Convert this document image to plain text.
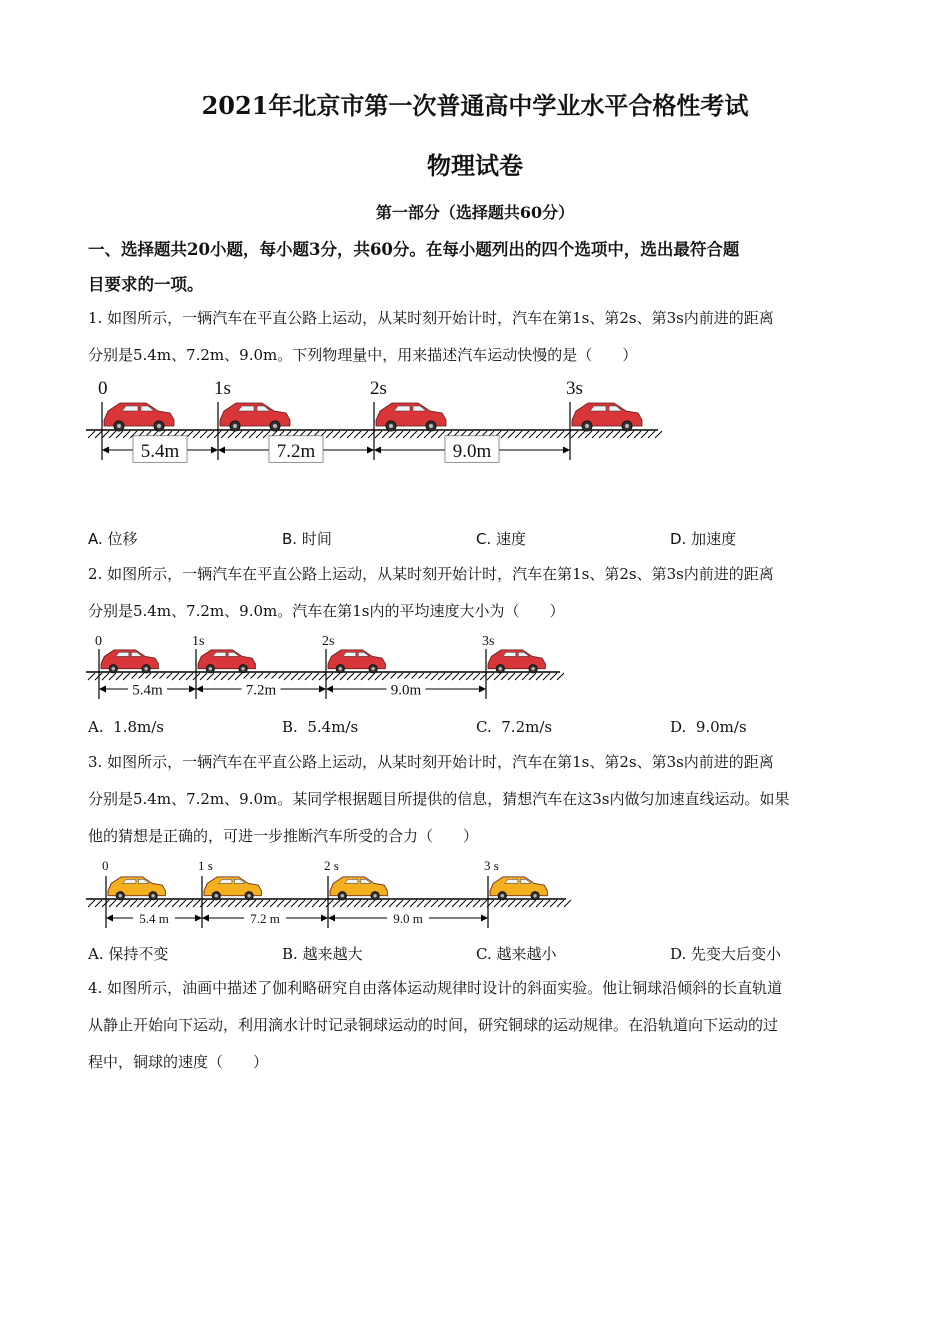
2021年北京市第一次普通高中学业水平合格性考试
物理试卷
第一部分（选择题共60分）
一、选择题共20小题，每小题3分，共60分。在每小题列出的四个选项中，选出最符合题
目要求的一项。
1. 如图所示，一辆汽车在平直公路上运动，从某时刻开始计时，汽车在第1s、第2s、第3s内前进的距离
分别是5.4m、7.2m、9.0m。下列物理量中，用来描述汽车运动快慢的是（　　）
0	1s	2s	3s
5.4m	7.2m	9.0m
0	1s	2s	3s
5.4m	7.2m	9.0m
0	1 s	2 s	3 s
5.4 m	7.2 m	9.0 m
A. 位移	B. 时间	C. 速度	D. 加速度
2. 如图所示，一辆汽车在平直公路上运动，从某时刻开始计时，汽车在第1s、第2s、第3s内前进的距离
分别是5.4m、7.2m、9.0m。汽车在第1s内的平均速度大小为（　　）
A. 1.8m/s	B. 5.4m/s	C. 7.2m/s	D. 9.0m/s
3. 如图所示，一辆汽车在平直公路上运动，从某时刻开始计时，汽车在第1s、第2s、第3s内前进的距离
分别是5.4m、7.2m、9.0m。某同学根据题目所提供的信息，猜想汽车在这3s内做匀加速直线运动。如果
他的猜想是正确的，可进一步推断汽车所受的合力（　　）
A. 保持不变	B. 越来越大	C. 越来越小	D. 先变大后变小
4. 如图所示，油画中描述了伽利略研究自由落体运动规律时设计的斜面实验。他让铜球沿倾斜的长直轨道
从静止开始向下运动，利用滴水计时记录铜球运动的时间，研究铜球的运动规律。在沿轨道向下运动的过
程中，铜球的速度（　　）
